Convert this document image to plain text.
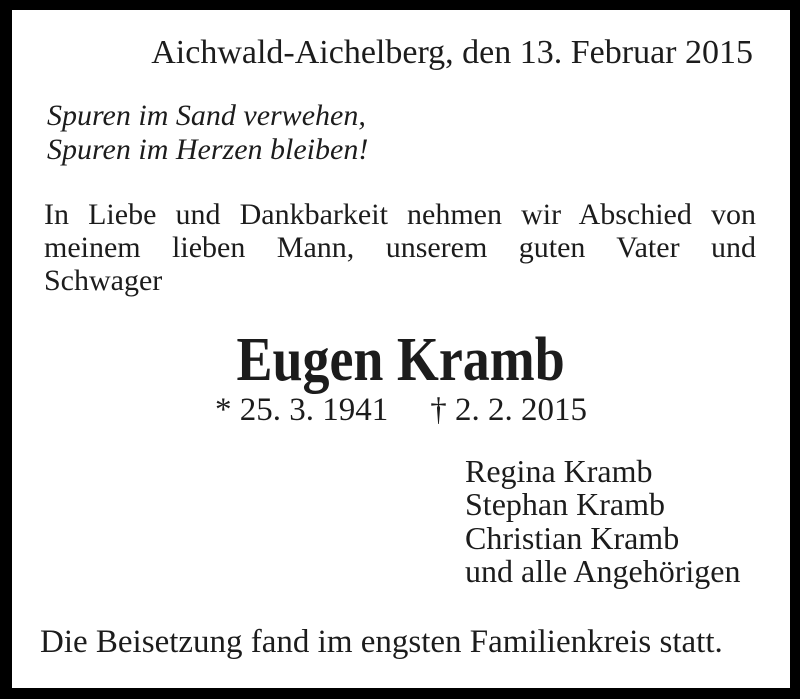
Aichwald-Aichelberg, den 13. Februar 2015
Spuren im Sand verwehen,
Spuren im Herzen bleiben!
In Liebe und Dankbarkeit nehmen wir Abschied von
meinem lieben Mann, unserem guten Vater und
Schwager
Eugen Kramb
* 25. 3. 1941 † 2. 2. 2015
Regina Kramb
Stephan Kramb
Christian Kramb
und alle Angehörigen
Die Beisetzung fand im engsten Familienkreis statt.
